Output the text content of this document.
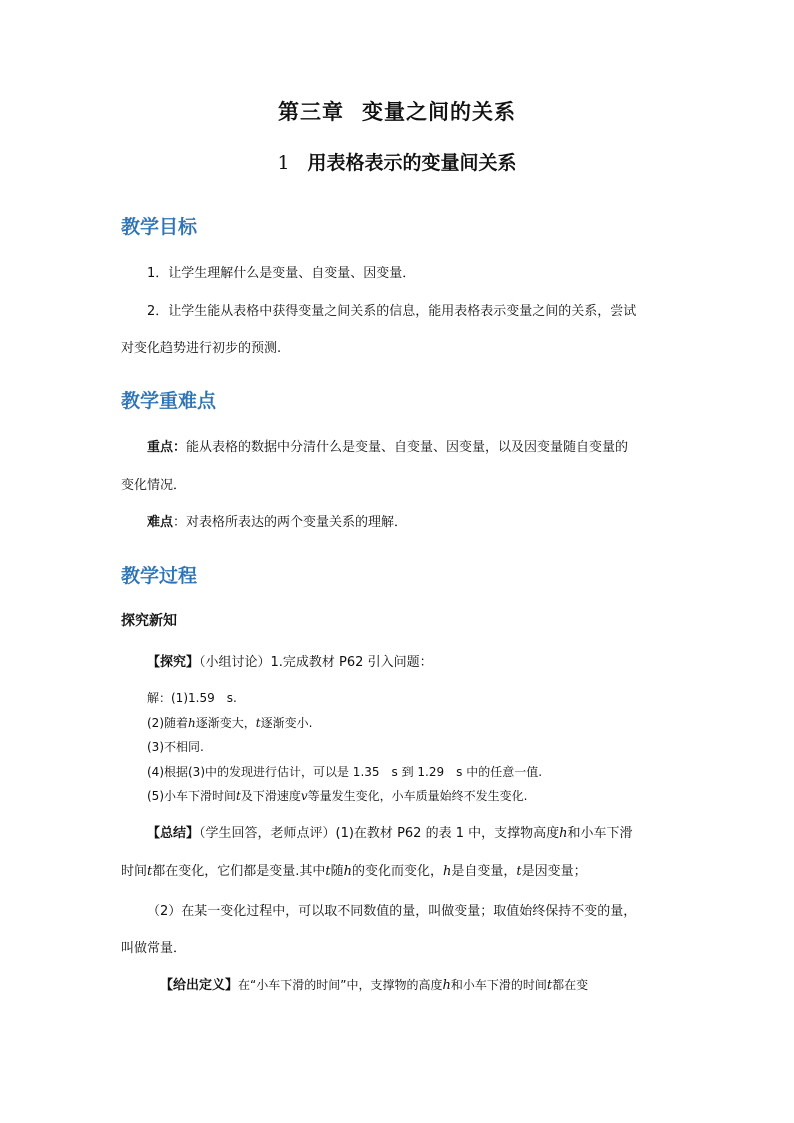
第三章 变量之间的关系
1 用表格表示的变量间关系
教学目标
1．让学生理解什么是变量、自变量、因变量．
2．让学生能从表格中获得变量之间关系的信息，能用表格表示变量之间的关系，尝试
对变化趋势进行初步的预测.
教学重难点
重点：能从表格的数据中分清什么是变量、自变量、因变量，以及因变量随自变量的
变化情况．
难点：对表格所表达的两个变量关系的理解．
教学过程
探究新知
【探究】（小组讨论）1.完成教材 P62 引入问题：
解：(1)1.59　s.
(2)随着h逐渐变大，t逐渐变小.
(3)不相同.
(4)根据(3)中的发现进行估计，可以是 1.35　s 到 1.29　s 中的任意一值.
(5)小车下滑时间t及下滑速度v等量发生变化，小车质量始终不发生变化.
【总结】（学生回答，老师点评）(1)在教材 P62 的表 1 中，支撑物高度h和小车下滑
时间t都在变化，它们都是变量.其中t随h的变化而变化，h是自变量，t是因变量；
（2）在某一变化过程中，可以取不同数值的量，叫做变量；取值始终保持不变的量，
叫做常量．
【给出定义】在“小车下滑的时间”中，支撑物的高度h和小车下滑的时间t都在变
